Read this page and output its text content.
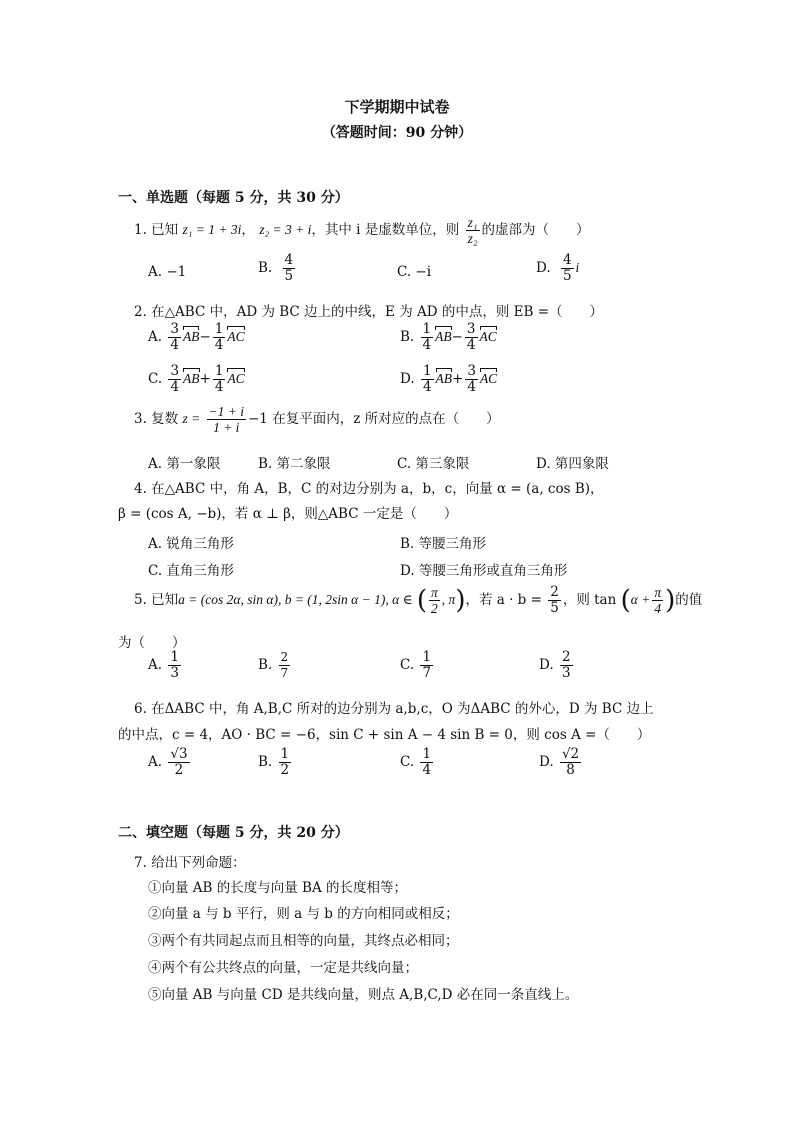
下学期期中试卷
（答题时间：90 分钟）
一、单选题（每题 5 分，共 30 分）
1. 已知 z₁ = 1 + 3i， z₂ = 3 + i，其中 i 是虚数单位，则 $\frac{\text{z₁}}{\text{z₂}}$ 的虚部为（　　）
A. −1	B. $\frac{4}{5}$	C. −i	D. $\frac{4}{5}$ i
2. 在△ABC 中，AD 为 BC 边上的中线，E 为 AD 的中点，则 EB =（　　）
A. $\frac{3}{4} AB- \frac{1}{4}$ AC	B. $\frac{1}{4} AB- \frac{3}{4}$ AC
C. $\frac{3}{4} AB+ \frac{1}{4}$ AC	D. $\frac{1}{4} AB+ \frac{3}{4}$ AC
3. 复数 $z = \frac{-1 + i}{1 + i} -1$ 在复平面内，z 所对应的点在（　　）
A. 第一象限	B. 第二象限	C. 第三象限	D. 第四象限
4. 在△ABC 中，角 A，B，C 的对边分别为 a，b，c，向量 α = (a, cos B)，
β = (cos A, −b)，若 α ⊥ β，则△ABC 一定是（　　）
A. 锐角三角形	B. 等腰三角形
C. 直角三角形	D. 等腰三角形或直角三角形
5. 已知a = (cos 2α, sin α), b = (1, 2sin α − 1), α ∈ ( $\frac{\pi}{2}$ , π)，若 $a \cdot b = \frac{2}{5}$ ，则 $\tan (\alpha + \frac{\pi}{4}$ )的值
为（　　）
A. $\frac{1}{3}$	B. $\frac{2}{7}$	C. $\frac{1}{7}$	D. $\frac{2}{3}$
6. 在ΔABC 中，角 A,B,C 所对的边分别为 a,b,c，O 为ΔABC 的外心，D 为 BC 边上
的中点，c = 4，AO · BC = −6，sin C + sin A − 4 sin B = 0，则 cos A =（　　）
A. $\frac{√3}{2}$	B. $\frac{1}{2}$	C. $\frac{1}{4}$	D. $\frac{√2}{8}$
二、填空题（每题 5 分，共 20 分）
7. 给出下列命题：
①向量 AB 的长度与向量 BA 的长度相等；
②向量 a 与 b 平行，则 a 与 b 的方向相同或相反；
③两个有共同起点而且相等的向量，其终点必相同；
④两个有公共终点的向量，一定是共线向量；
⑤向量 AB 与向量 CD 是共线向量，则点 A,B,C,D 必在同一条直线上。
